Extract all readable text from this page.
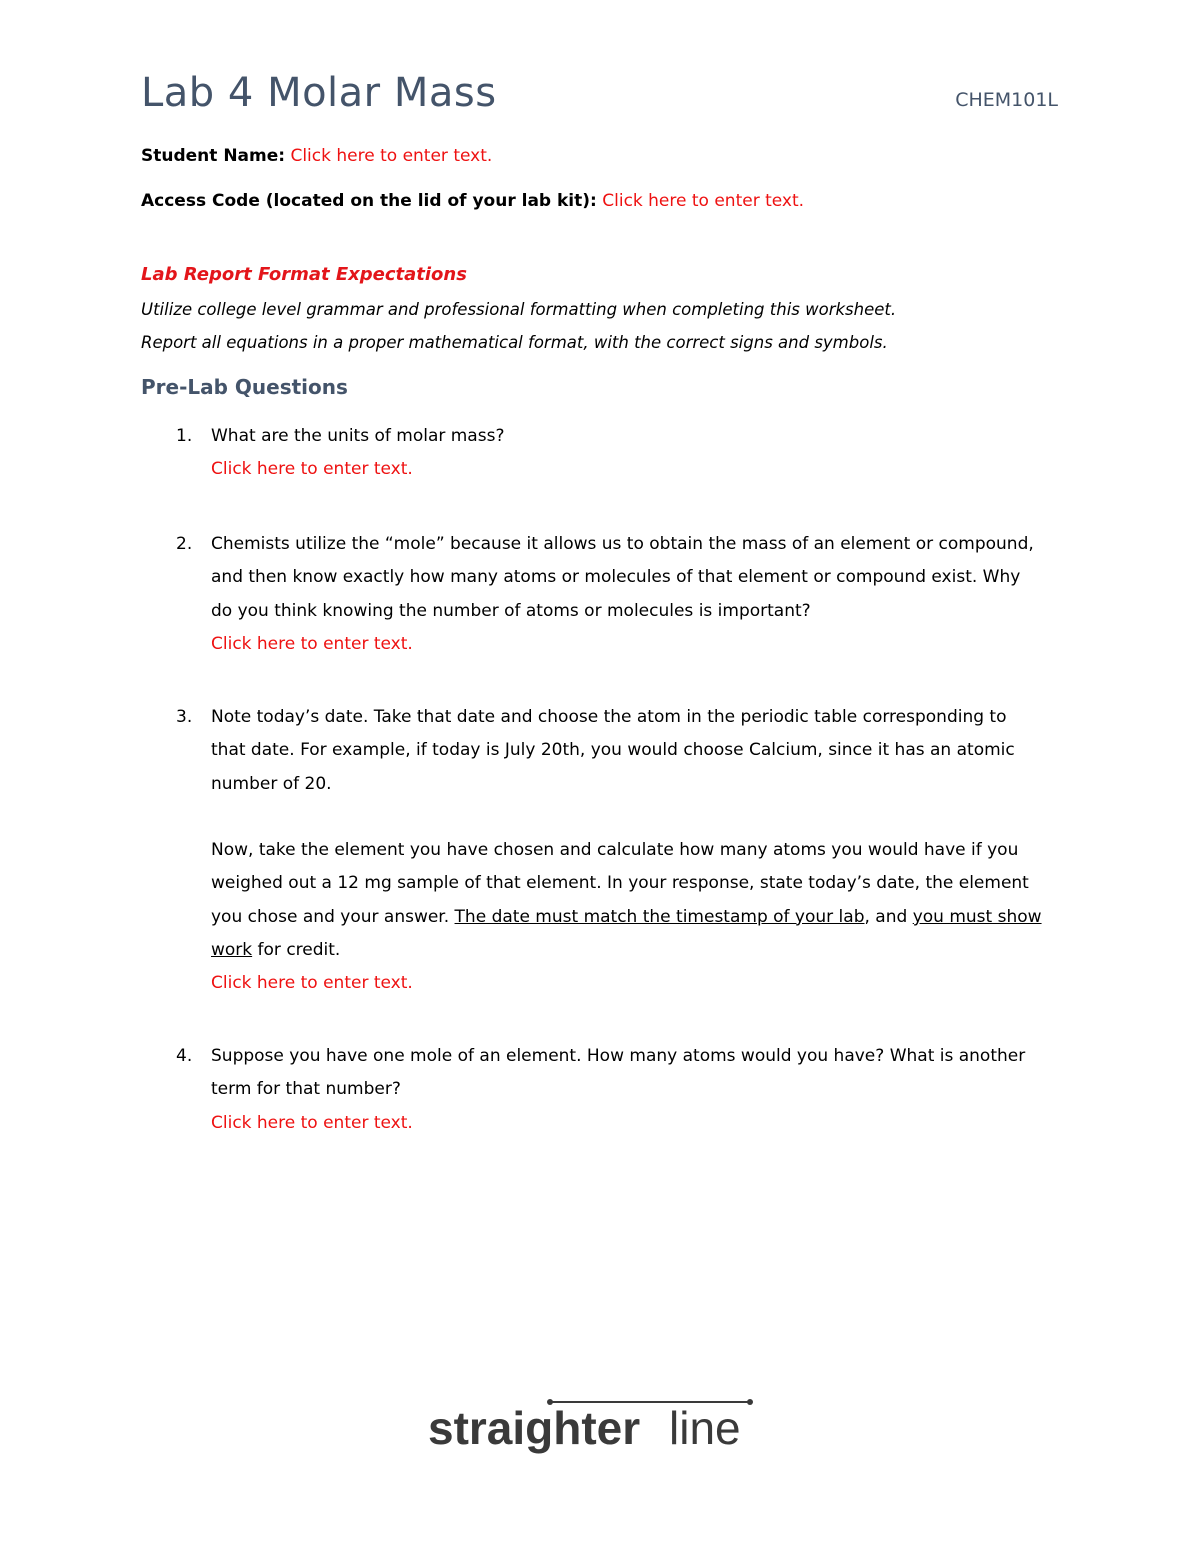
Lab 4 Molar Mass	CHEM101L
Student Name: Click here to enter text.
Access Code (located on the lid of your lab kit): Click here to enter text.
Lab Report Format Expectations
Utilize college level grammar and professional formatting when completing this worksheet.
Report all equations in a proper mathematical format, with the correct signs and symbols.
Pre-Lab Questions
1.	What are the units of molar mass?
Click here to enter text.
2.	Chemists utilize the “mole” because it allows us to obtain the mass of an element or compound,
and then know exactly how many atoms or molecules of that element or compound exist. Why
do you think knowing the number of atoms or molecules is important?
Click here to enter text.
3.	Note today’s date. Take that date and choose the atom in the periodic table corresponding to
that date. For example, if today is July 20th, you would choose Calcium, since it has an atomic
number of 20.
Now, take the element you have chosen and calculate how many atoms you would have if you
weighed out a 12 mg sample of that element. In your response, state today’s date, the element
you chose and your answer. The date must match the timestamp of your lab, and you must show
work for credit.
Click here to enter text.
4.	Suppose you have one mole of an element. How many atoms would you have? What is another
term for that number?
Click here to enter text.
straighter line
